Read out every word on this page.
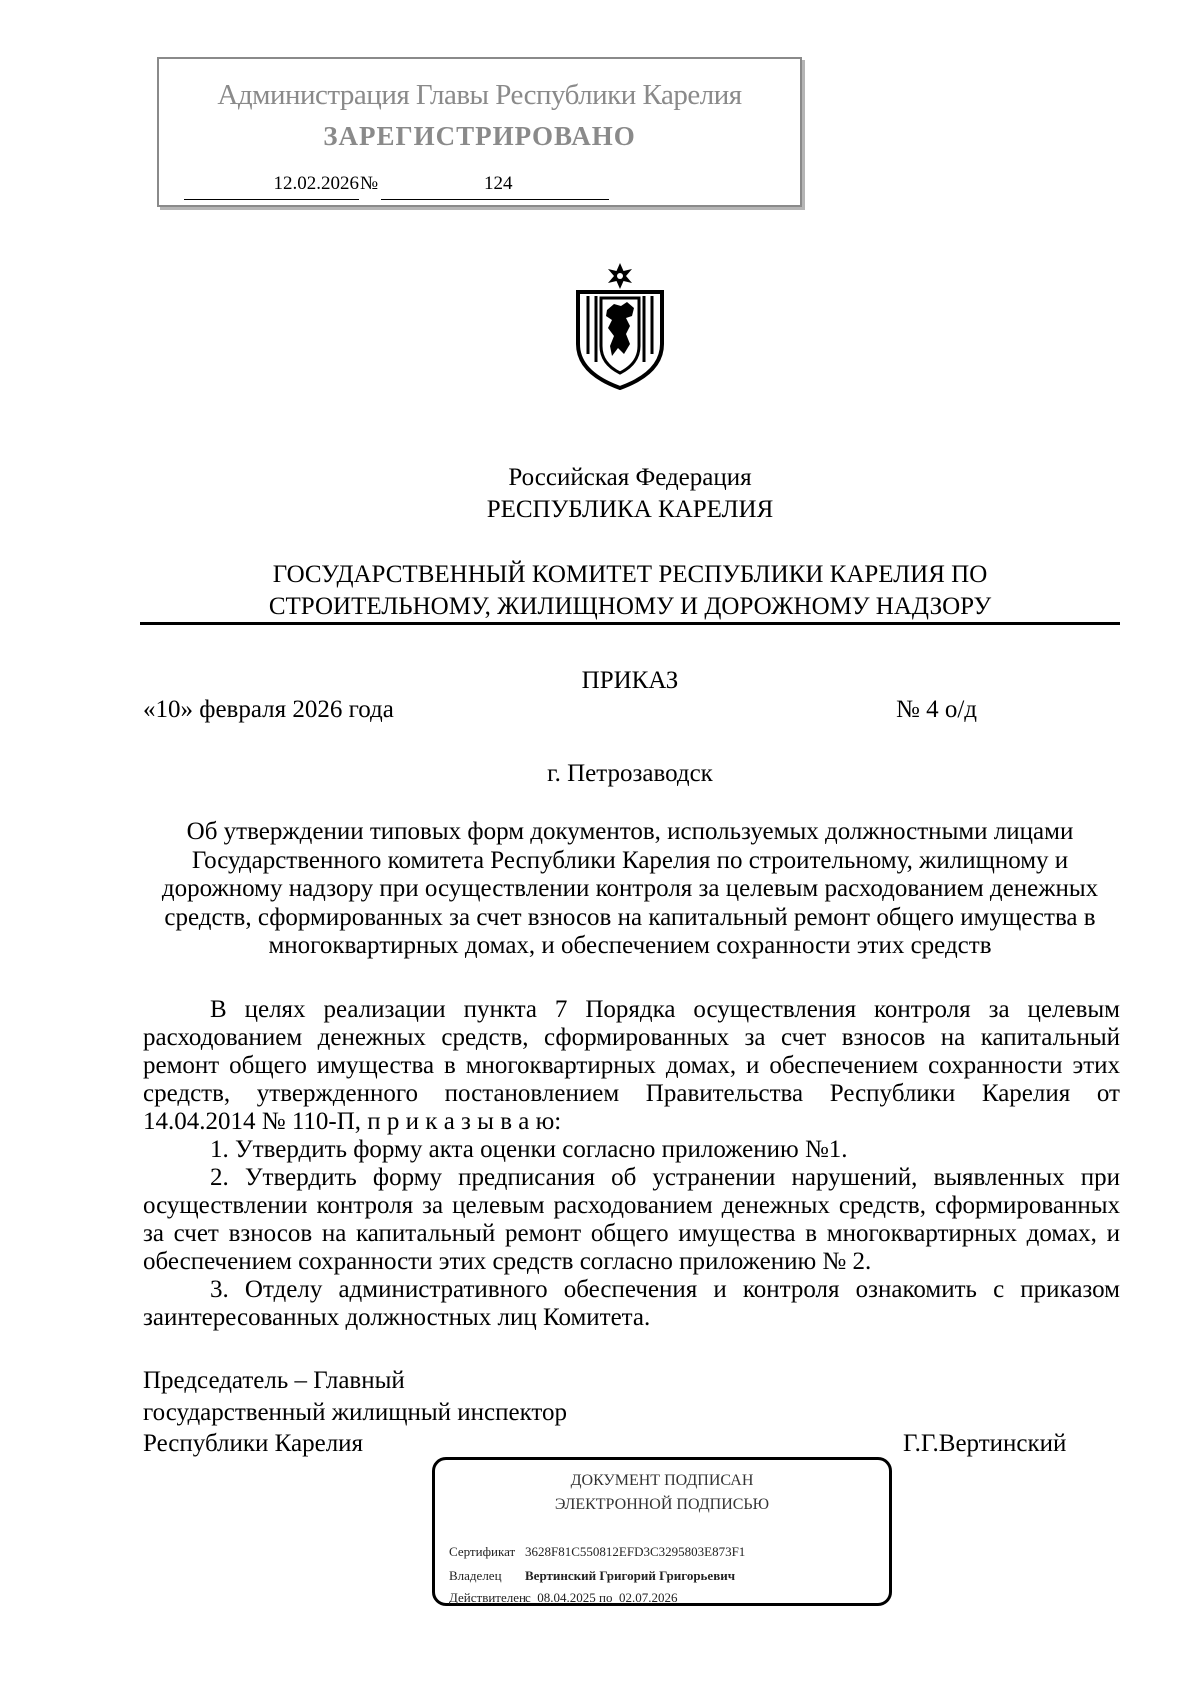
Администрация Главы Республики Карелия
ЗАРЕГИСТРИРОВАНО
12.02.2026 №	124
Российская Федерация
РЕСПУБЛИКА КАРЕЛИЯ
ГОСУДАРСТВЕННЫЙ КОМИТЕТ РЕСПУБЛИКИ КАРЕЛИЯ ПО
СТРОИТЕЛЬНОМУ, ЖИЛИЩНОМУ И ДОРОЖНОМУ НАДЗОРУ
ПРИКАЗ
«10» февраля 2026 года	№ 4 о/д
г. Петрозаводск
Об утверждении типовых форм документов, используемых должностными лицами
Государственного комитета Республики Карелия по строительному, жилищному и
дорожному надзору при осуществлении контроля за целевым расходованием денежных
средств, сформированных за счет взносов на капитальный ремонт общего имущества в
многоквартирных домах, и обеспечением сохранности этих средств
В целях реализации пункта 7 Порядка осуществления контроля за целевым
расходованием денежных средств, сформированных за счет взносов на капитальный
ремонт общего имущества в многоквартирных домах, и обеспечением сохранности этих
средств, утвержденного постановлением Правительства Республики Карелия от
14.04.2014 № 110-П, п р и к а з ы в а ю:
1. Утвердить форму акта оценки согласно приложению №1.
2. Утвердить форму предписания об устранении нарушений, выявленных при
осуществлении контроля за целевым расходованием денежных средств, сформированных
за счет взносов на капитальный ремонт общего имущества в многоквартирных домах, и
обеспечением сохранности этих средств согласно приложению № 2.
3. Отделу административного обеспечения и контроля ознакомить с приказом
заинтересованных должностных лиц Комитета.
Председатель – Главный
государственный жилищный инспектор
Республики Карелия	Г.Г.Вертинский
ДОКУМЕНТ ПОДПИСАН
ЭЛЕКТРОННОЙ ПОДПИСЬЮ
Сертификат 3628F81C550812EFD3C3295803E873F1
Владелец Вертинский Григорий Григорьевич
Действителенс 08.04.2025 по 02.07.2026
